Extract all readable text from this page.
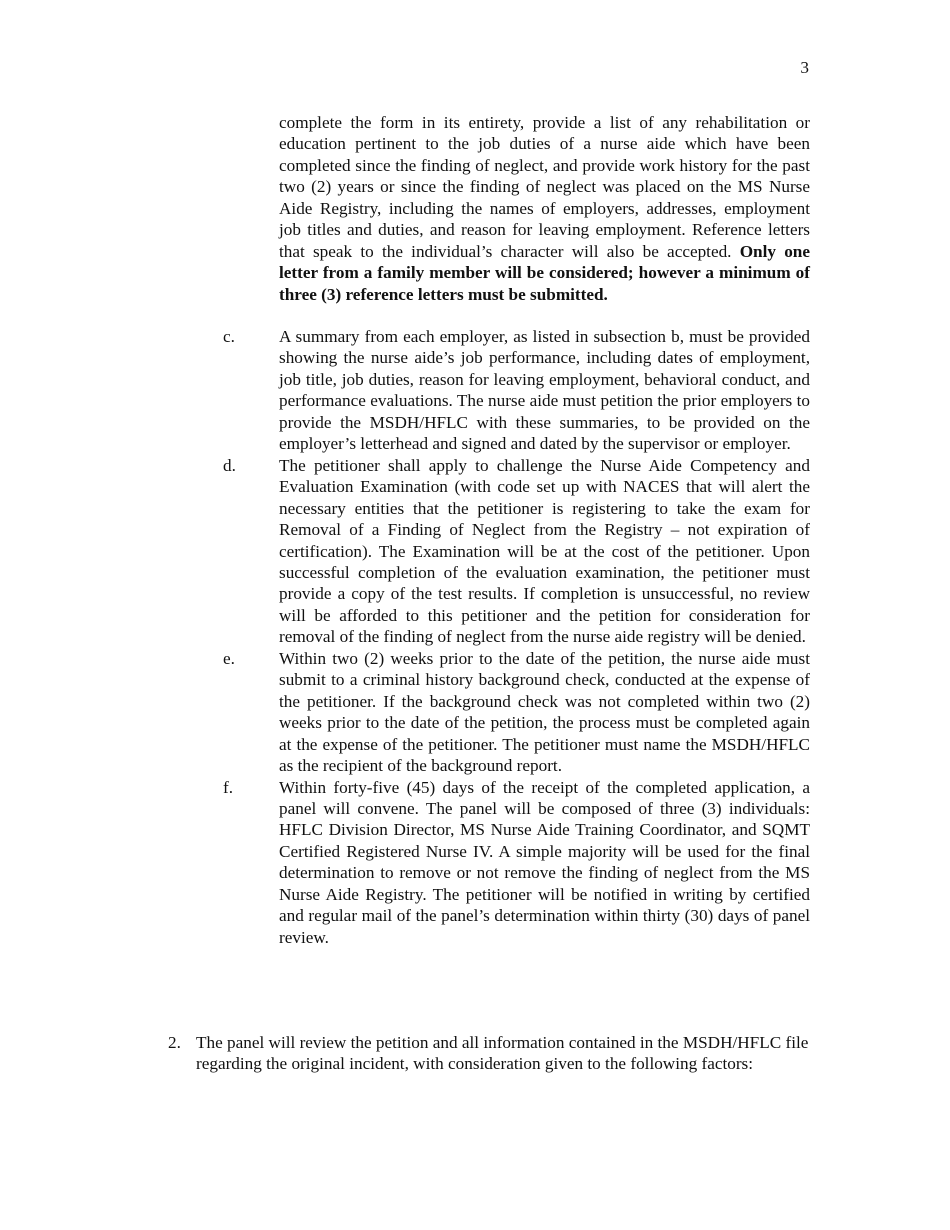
3

complete the form in its entirety, provide a list of any rehabilitation or education pertinent to the job duties of a nurse aide which have been completed since the finding of neglect, and provide work history for the past two (2) years or since the finding of neglect was placed on the MS Nurse Aide Registry, including the names of employers, addresses, employment job titles and duties, and reason for leaving employment. Reference letters that speak to the individual’s character will also be accepted. Only one letter from a family member will be considered; however a minimum of three (3) reference letters must be submitted.

c.	A summary from each employer, as listed in subsection b, must be provided showing the nurse aide’s job performance, including dates of employment, job title, job duties, reason for leaving employment, behavioral conduct, and performance evaluations. The nurse aide must petition the prior employers to provide the MSDH/HFLC with these summaries, to be provided on the employer’s letterhead and signed and dated by the supervisor or employer.

d.	The petitioner shall apply to challenge the Nurse Aide Competency and Evaluation Examination (with code set up with NACES that will alert the necessary entities that the petitioner is registering to take the exam for Removal of a Finding of Neglect from the Registry – not expiration of certification). The Examination will be at the cost of the petitioner. Upon successful completion of the evaluation examination, the petitioner must provide a copy of the test results. If completion is unsuccessful, no review will be afforded to this petitioner and the petition for consideration for removal of the finding of neglect from the nurse aide registry will be denied.

e.	Within two (2) weeks prior to the date of the petition, the nurse aide must submit to a criminal history background check, conducted at the expense of the petitioner. If the background check was not completed within two (2) weeks prior to the date of the petition, the process must be completed again at the expense of the petitioner. The petitioner must name the MSDH/HFLC as the recipient of the background report.

f.	Within forty-five (45) days of the receipt of the completed application, a panel will convene. The panel will be composed of three (3) individuals: HFLC Division Director, MS Nurse Aide Training Coordinator, and SQMT Certified Registered Nurse IV. A simple majority will be used for the final determination to remove or not remove the finding of neglect from the MS Nurse Aide Registry. The petitioner will be notified in writing by certified and regular mail of the panel’s determination within thirty (30) days of panel review.

2. The panel will review the petition and all information contained in the MSDH/HFLC file regarding the original incident, with consideration given to the following factors:
